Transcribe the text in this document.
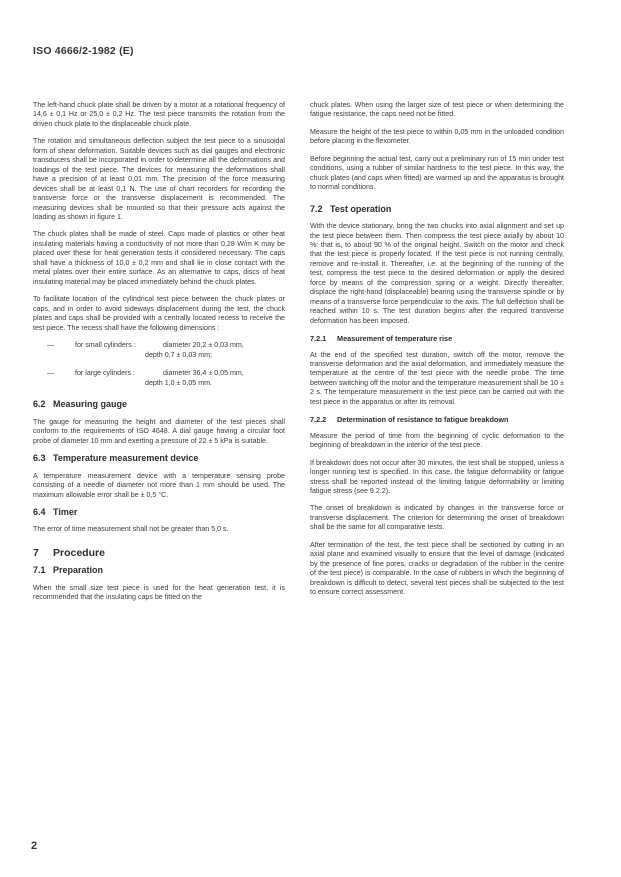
ISO 4666/2-1982 (E)

The left-hand chuck plate shall be driven by a motor at a rotational frequency of 14,6 ± 0,1 Hz or 25,0 ± 0,2 Hz. The test piece transmits the rotation from the driven chuck plate to the displaceable chuck plate.

The rotation and simultaneous deflection subject the test piece to a sinusoidal form of shear deformation. Suitable devices such as dial gauges and electronic transducers shall be incorporated in order to determine all the deformations and loadings of the test piece. The devices for measuring the deformations shall have a precision of at least 0,01 mm. The precision of the force measuring devices shall be at least 0,1 N. The use of chart recorders for recording the transverse force or the transverse displacement is recommended. The measuring devices shall be mounted so that their pressure acts against the loading as shown in figure 1.

The chuck plates shall be made of steel. Caps made of plastics or other heat insulating materials having a conductivity of not more than 0,28 W/m K may be placed over these for heat generation tests if considered necessary. The caps shall have a thickness of 10,0 ± 0,2 mm and shall lie in close contact with the metal plates over their entire surface. As an alternative to caps, discs of heat insulating material may be placed immediately behind the chuck plates.

To facilitate location of the cylindrical test piece between the chuck plates or caps, and in order to avoid sideways displacement during the test, the chuck plates and caps shall be provided with a centrally located recess to receive the test piece. The recess shall have the following dimensions :

—	for small cylinders :	diameter 20,2 ± 0,03 mm,
depth 0,7 ± 0,03 mm;
—	for large cylinders :	diameter 36,4 ± 0,05 mm,
depth 1,0 ± 0,05 mm.
6.2 Measuring gauge

The gauge for measuring the height and diameter of the test pieces shall conform to the requirements of ISO 4648. A dial gauge having a circular foot probe of diameter 10 mm and exerting a pressure of 22 ± 5 kPa is suitable.

6.3 Temperature measurement device

A temperature measurement device with a temperature sensing probe consisting of a needle of diameter not more than 1 mm should be used. The maximum allowable error shall be ± 0,5 °C.

6.4 Timer

The error of time measurement shall not be greater than 5,0 s.

7 Procedure
7.1 Preparation

When the small size test piece is used for the heat generation test, it is recommended that the insulating caps be fitted on the

chuck plates. When using the larger size of test piece or when determining the fatigue resistance, the caps need not be fitted.

Measure the height of the test piece to within 0,05 mm in the unloaded condition before placing in the flexometer.

Before beginning the actual test, carry out a preliminary run of 15 min under test conditions, using a rubber of similar hardness to the test piece. In this way, the chuck plates (and caps when fitted) are warmed up and the apparatus is brought to normal conditions.

7.2 Test operation

With the device stationary, bring the two chucks into axial alignment and set up the test piece between them. Then compress the test piece axially by about 10 %: that is, to about 90 % of the original height. Switch on the motor and check that the test piece is properly located. If the test piece is not running centrally, remove and re-install it. Thereafter, i.e. at the beginning of the running of the test, compress the test piece to the desired deformation or apply the desired force by means of the compression spring or a weight. Directly thereafter, displace the right-hand (displaceable) bearing using the transverse spindle or by means of a transverse force perpendicular to the axis. The full deflection shall be reached within 10 s. The test duration begins after the required transverse deformation has been imposed.

7.2.1 Measurement of temperature rise

At the end of the specified test duration, switch off the motor, remove the transverse deformation and the axial deformation, and immediately measure the temperature at the centre of the test piece with the needle probe. The time between switching off the motor and the temperature measurement shall be 10 ± 2 s. The temperature measurement in the test piece can be carried out with the test piece in the apparatus or after its removal.

7.2.2 Determination of resistance to fatigue breakdown

Measure the period of time from the beginning of cyclic deformation to the beginning of breakdown in the interior of the test piece.

If breakdown does not occur after 30 minutes, the test shall be stopped, unless a longer running test is specified. In this case, the fatigue deformability or fatigue stress shall be reported instead of the limiting fatigue deformability or limiting fatigue stress (see 9.2.2).

The onset of breakdown is indicated by changes in the transverse force or transverse displacement. The criterion for determining the onset of breakdown shall be the same for all comparative tests.

After termination of the test, the test piece shall be sectioned by cutting in an axial plane and examined visually to ensure that the level of damage (indicated by the presence of fine pores, cracks or degradation of the rubber in the centre of the test piece) is comparable. In the case of rubbers in which the beginning of breakdown is difficult to detect, several test pieces shall be subjected to the test to ensure correct assessment.

2
